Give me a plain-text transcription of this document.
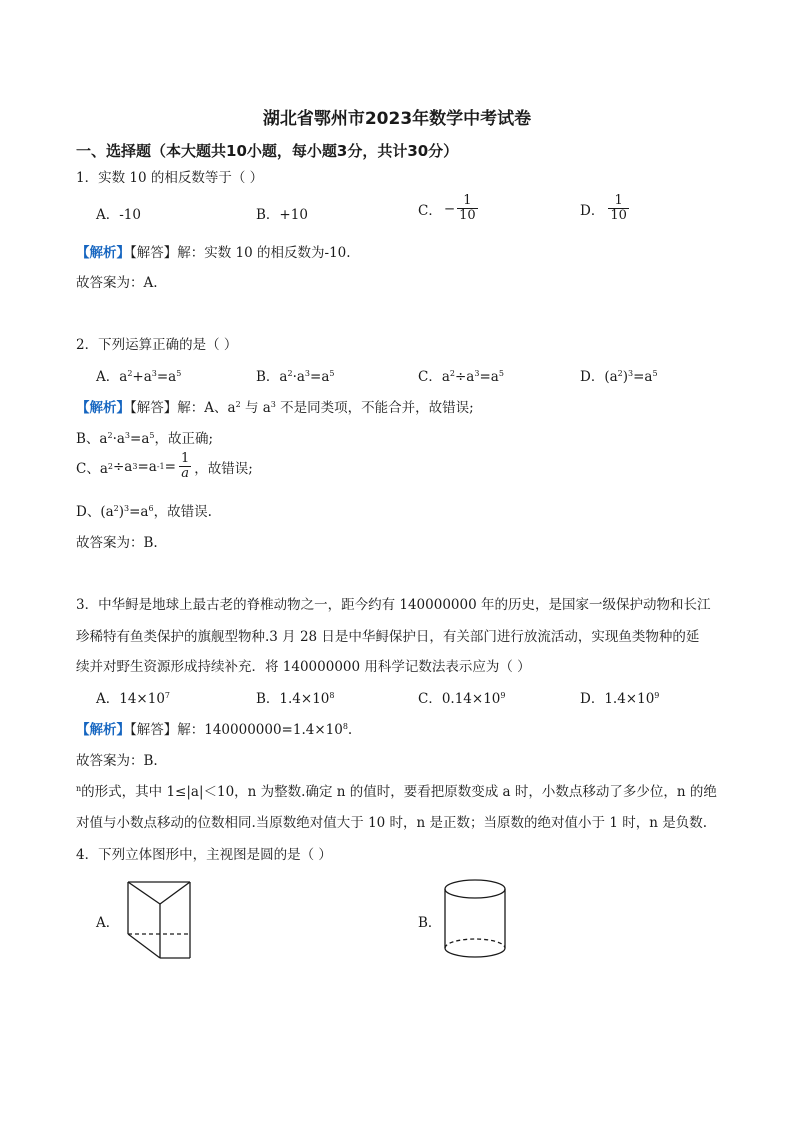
湖北省鄂州市2023年数学中考试卷
一、选择题（本大题共10小题，每小题3分，共计30分）
1．实数 10 的相反数等于（ ）
A．-10	B．+10	C． − $\frac{1}{10}$	D． $\frac{1}{10}$
【解析】【解答】解：实数 10 的相反数为-10.
故答案为：A.
2．下列运算正确的是（ ）
A．$a^2+a^3=a^5$	B．$a^2\cdot a^3=a^5$	C．$a^2\div a^3=a^5$	D．$(a^2)^3=a^5$
【解析】【解答】解：A、$a^2$ 与 $a^3$ 不是同类项，不能合并，故错误;
B、$a^2\cdot a^3=a^5$，故正确;
C、a 2 ÷a 3 =a $-1 = \frac{1}{a}$ ，故错误;
D、$(a^2)^3=a^6$，故错误.
故答案为：B.
3．中华鲟是地球上最古老的脊椎动物之一，距今约有 140000000 年的历史，是国家一级保护动物和长江
珍稀特有鱼类保护的旗舰型物种.3 月 28 日是中华鲟保护日，有关部门进行放流活动，实现鱼类物种的延
续并对野生资源形成持续补充．将 140000000 用科学记数法表示应为（ ）
A．$14\times 10^7$	B．$1.4\times 10^8$	C．$0.14\times 10^9$	D．$1.4\times 10^9$
【解析】【解答】解：$140000000=1.4\times 10^8$.
故答案为：B.
$^n$的形式，其中 1≤|a|＜10，n 为整数.确定 n 的值时，要看把原数变成 a 时，小数点移动了多少位，n 的绝
对值与小数点移动的位数相同.当原数绝对值大于 10 时，n 是正数；当原数的绝对值小于 1 时，n 是负数.
4．下列立体图形中，主视图是圆的是（ ）
A．	B．
